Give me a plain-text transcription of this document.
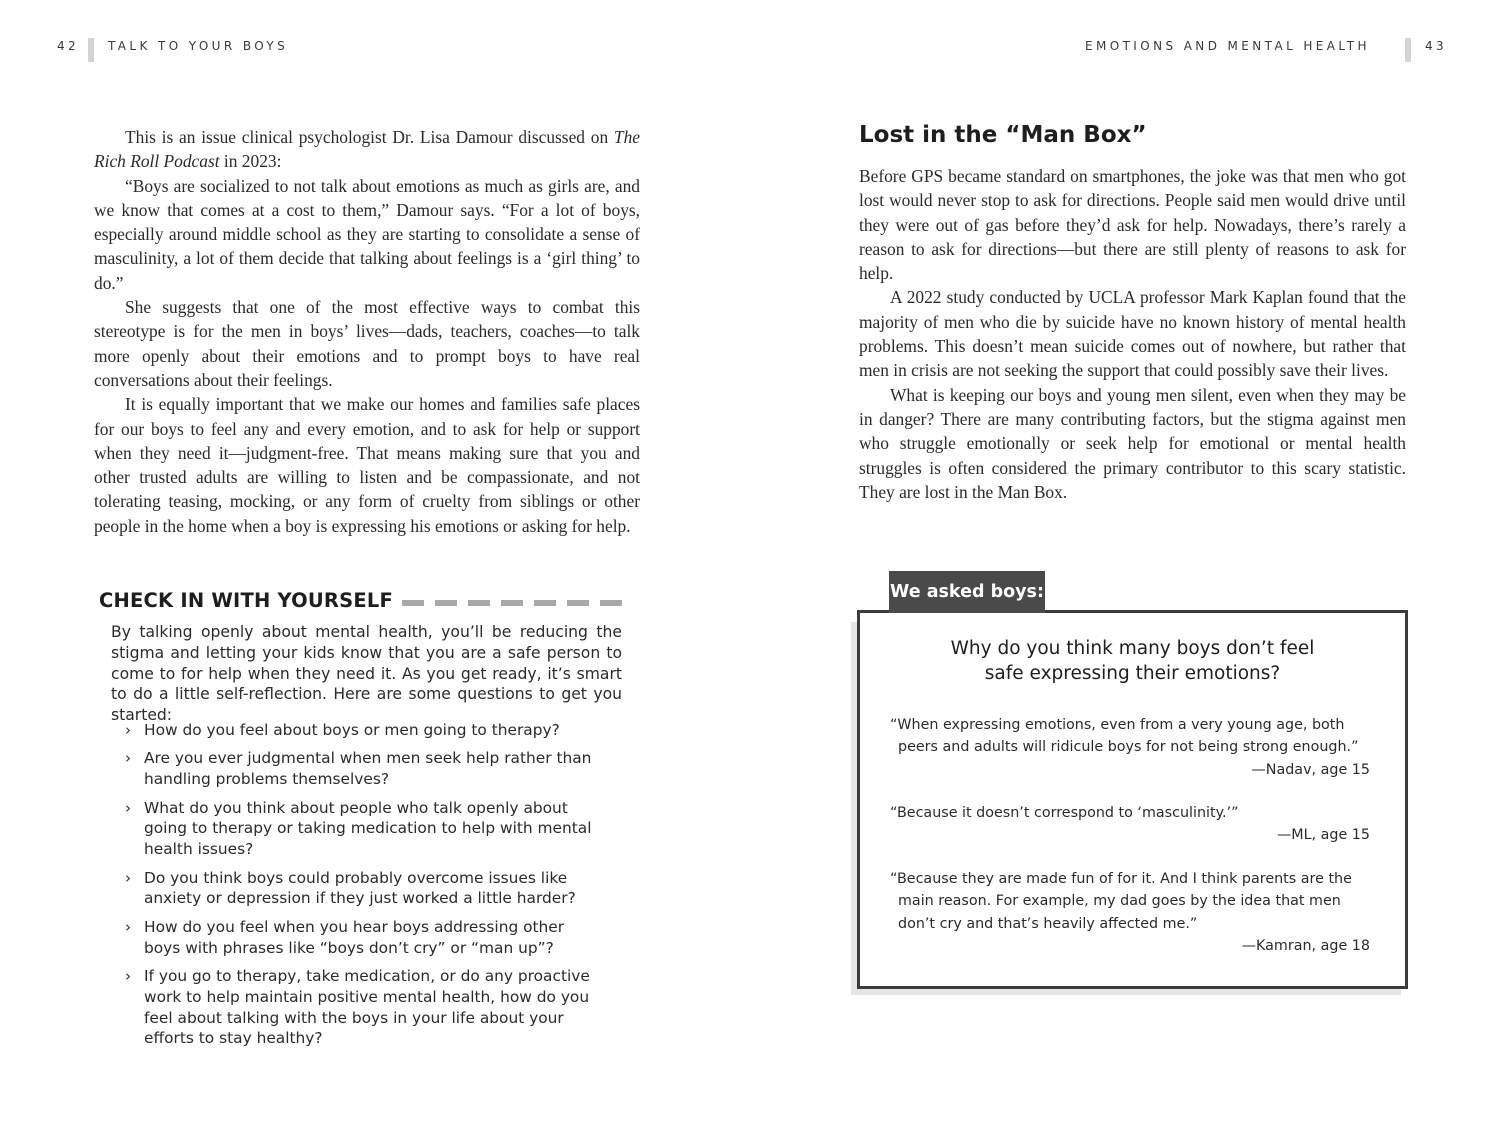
42 TALK TO YOUR BOYS

This is an issue clinical psychologist Dr. Lisa Damour discussed on The Rich Roll Podcast in 2023:

“Boys are socialized to not talk about emotions as much as girls are, and we know that comes at a cost to them,” Damour says. “For a lot of boys, especially around middle school as they are starting to consolidate a sense of masculinity, a lot of them decide that talking about feelings is a ‘girl thing’ to do.”

She suggests that one of the most effective ways to combat this stereotype is for the men in boys’ lives—dads, teachers, coaches—to talk more openly about their emotions and to prompt boys to have real conversations about their feelings.

It is equally important that we make our homes and families safe places for our boys to feel any and every emotion, and to ask for help or support when they need it—judgment-free. That means making sure that you and other trusted adults are willing to listen and be compassionate, and not tolerating teasing, mocking, or any form of cruelty from siblings or other people in the home when a boy is expressing his emotions or asking for help.

CHECK IN WITH YOURSELF
By talking openly about mental health, you’ll be reducing the stigma and letting your kids know that you are a safe person to come to for help when they need it. As you get ready, it’s smart to do a little self-reflection. Here are some questions to get you started:
› How do you feel about boys or men going to therapy?
› Are you ever judgmental when men seek help rather than handling problems themselves?
› What do you think about people who talk openly about going to therapy or taking medication to help with mental health issues?
› Do you think boys could probably overcome issues like anxiety or depression if they just worked a little harder?
› How do you feel when you hear boys addressing other boys with phrases like “boys don’t cry” or “man up”?
› If you go to therapy, take medication, or do any proactive work to help maintain positive mental health, how do you feel about talking with the boys in your life about your efforts to stay healthy?
EMOTIONS AND MENTAL HEALTH	43
Lost in the “Man Box”

Before GPS became standard on smartphones, the joke was that men who got lost would never stop to ask for directions. People said men would drive until they were out of gas before they’d ask for help. Nowadays, there’s rarely a reason to ask for directions—but there are still plenty of reasons to ask for help.

A 2022 study conducted by UCLA professor Mark Kaplan found that the majority of men who die by suicide have no known history of mental health problems. This doesn’t mean suicide comes out of nowhere, but rather that men in crisis are not seeking the support that could possibly save their lives.

What is keeping our boys and young men silent, even when they may be in danger? There are many contributing factors, but the stigma against men who struggle emotionally or seek help for emotional or mental health struggles is often considered the primary contributor to this scary statistic. They are lost in the Man Box.

Why do you think many boys don’t feel
safe expressing their emotions?
“When expressing emotions, even from a very young age, both peers and adults will ridicule boys for not being strong enough.”
—Nadav, age 15
“Because it doesn’t correspond to ‘masculinity.’”
—ML, age 15
“Because they are made fun of for it. And I think parents are the main reason. For example, my dad goes by the idea that men don’t cry and that’s heavily affected me.”
—Kamran, age 18
We asked boys:
